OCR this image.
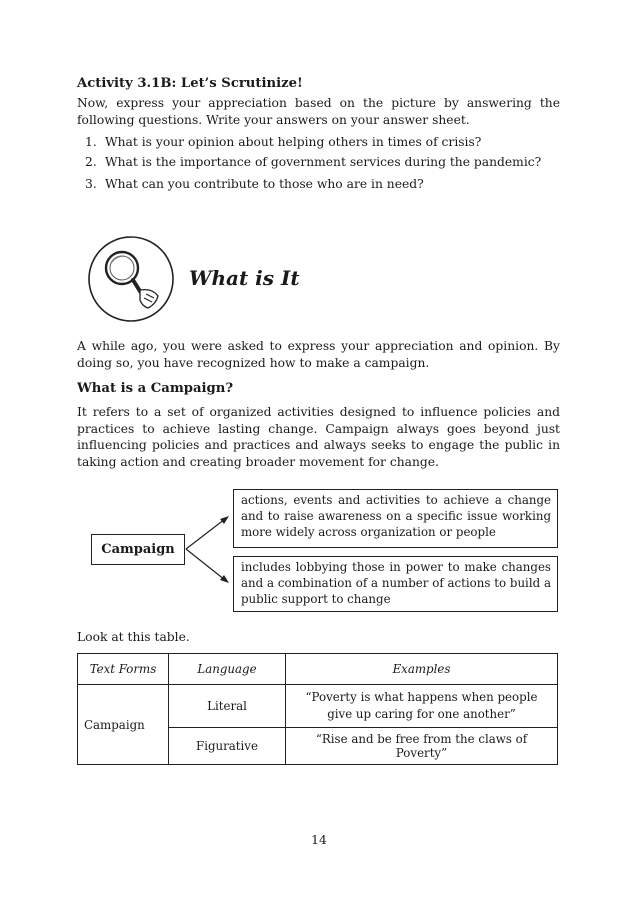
Activity 3.1B: Let’s Scrutinize!
Now, express your appreciation based on the picture by answering the following questions. Write your answers on your answer sheet.
1. What is your opinion about helping others in times of crisis?
2. What is the importance of government services during the pandemic?
3. What can you contribute to those who are in need?
What is It
A while ago, you were asked to express your appreciation and opinion. By doing so, you have recognized how to make a campaign.
What is a Campaign?
It refers to a set of organized activities designed to influence policies and practices to achieve lasting change. Campaign always goes beyond just influencing policies and practices and always seeks to engage the public in taking action and creating broader movement for change.
actions, events and activities to achieve a change and to raise awareness on a specific issue working more widely across organization or people
includes lobbying those in power to make changes and a combination of a number of actions to build a public support to change
Campaign
Look at this table.
Text Forms	Language	Examples
Campaign	Literal	“Poverty is what happens when people give up caring for one another”
	Figurative	“Rise and be free from the claws of Poverty”
14
